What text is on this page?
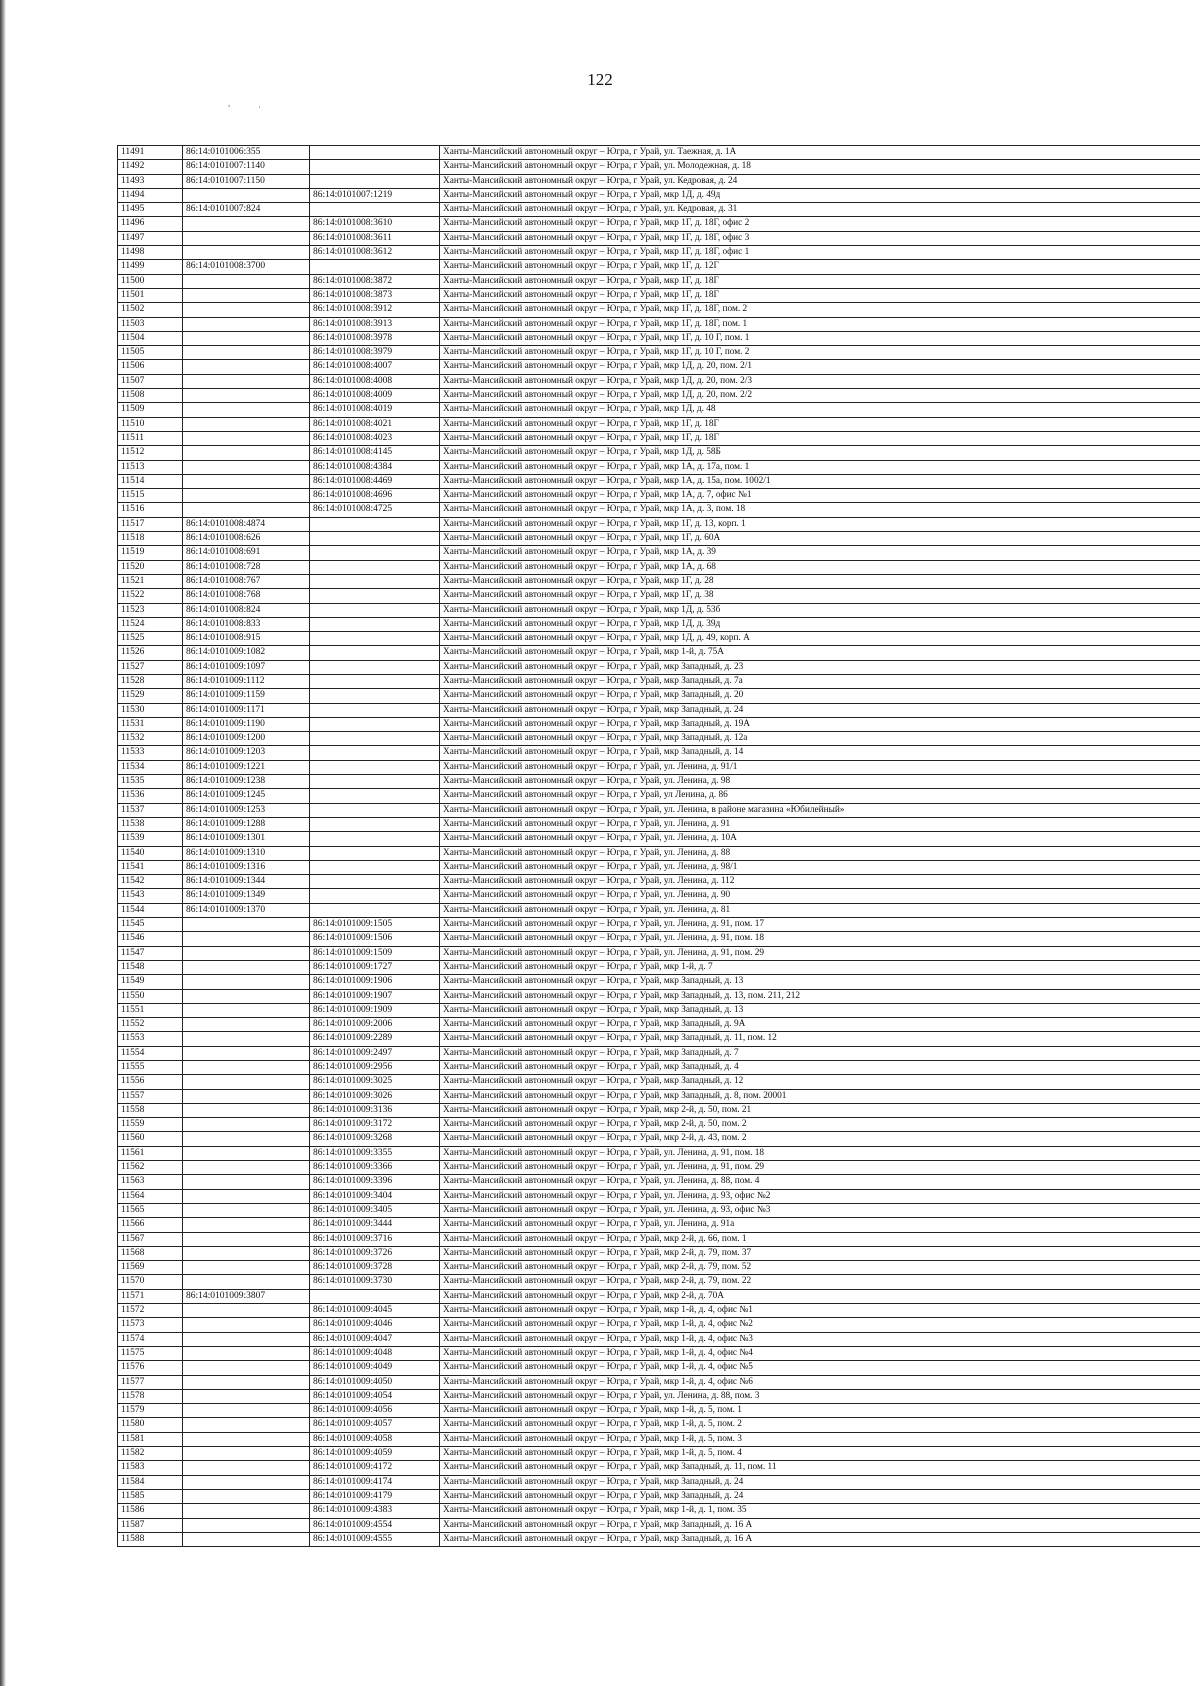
122
,	·
11491	86:14:0101006:355		Ханты-Мансийский автономный округ – Югра, г Урай, ул. Таежная, д. 1А
11492	86:14:0101007:1140		Ханты-Мансийский автономный округ – Югра, г Урай, ул. Молодежная, д. 18
11493	86:14:0101007:1150		Ханты-Мансийский автономный округ – Югра, г Урай, ул. Кедровая, д. 24
11494		86:14:0101007:1219	Ханты-Мансийский автономный округ – Югра, г Урай, мкр 1Д, д. 49д
11495	86:14:0101007:824		Ханты-Мансийский автономный округ – Югра, г Урай, ул. Кедровая, д. 31
11496		86:14:0101008:3610	Ханты-Мансийский автономный округ – Югра, г Урай, мкр 1Г, д. 18Г, офис 2
11497		86:14:0101008:3611	Ханты-Мансийский автономный округ – Югра, г Урай, мкр 1Г, д. 18Г, офис 3
11498		86:14:0101008:3612	Ханты-Мансийский автономный округ – Югра, г Урай, мкр 1Г, д. 18Г, офис 1
11499	86:14:0101008:3700		Ханты-Мансийский автономный округ – Югра, г Урай, мкр 1Г, д. 12Г
11500		86:14:0101008:3872	Ханты-Мансийский автономный округ – Югра, г Урай, мкр 1Г, д. 18Г
11501		86:14:0101008:3873	Ханты-Мансийский автономный округ – Югра, г Урай, мкр 1Г, д. 18Г
11502		86:14:0101008:3912	Ханты-Мансийский автономный округ – Югра, г Урай, мкр 1Г, д. 18Г, пом. 2
11503		86:14:0101008:3913	Ханты-Мансийский автономный округ – Югра, г Урай, мкр 1Г, д. 18Г, пом. 1
11504		86:14:0101008:3978	Ханты-Мансийский автономный округ – Югра, г Урай, мкр 1Г, д. 10 Г, пом. 1
11505		86:14:0101008:3979	Ханты-Мансийский автономный округ – Югра, г Урай, мкр 1Г, д. 10 Г, пом. 2
11506		86:14:0101008:4007	Ханты-Мансийский автономный округ – Югра, г Урай, мкр 1Д, д. 20, пом. 2/1
11507		86:14:0101008:4008	Ханты-Мансийский автономный округ – Югра, г Урай, мкр 1Д, д. 20, пом. 2/3
11508		86:14:0101008:4009	Ханты-Мансийский автономный округ – Югра, г Урай, мкр 1Д, д. 20, пом. 2/2
11509		86:14:0101008:4019	Ханты-Мансийский автономный округ – Югра, г Урай, мкр 1Д, д. 48
11510		86:14:0101008:4021	Ханты-Мансийский автономный округ – Югра, г Урай, мкр 1Г, д. 18Г
11511		86:14:0101008:4023	Ханты-Мансийский автономный округ – Югра, г Урай, мкр 1Г, д. 18Г
11512		86:14:0101008:4145	Ханты-Мансийский автономный округ – Югра, г Урай, мкр 1Д, д. 58Б
11513		86:14:0101008:4384	Ханты-Мансийский автономный округ – Югра, г Урай, мкр 1А, д. 17а, пом. 1
11514		86:14:0101008:4469	Ханты-Мансийский автономный округ – Югра, г Урай, мкр 1А, д. 15а, пом. 1002/1
11515		86:14:0101008:4696	Ханты-Мансийский автономный округ – Югра, г Урай, мкр 1А, д. 7, офис №1
11516		86:14:0101008:4725	Ханты-Мансийский автономный округ – Югра, г Урай, мкр 1А, д. 3, пом. 18
11517	86:14:0101008:4874		Ханты-Мансийский автономный округ – Югра, г Урай, мкр 1Г, д. 13, корп. 1
11518	86:14:0101008:626		Ханты-Мансийский автономный округ – Югра, г Урай, мкр 1Г, д. 60А
11519	86:14:0101008:691		Ханты-Мансийский автономный округ – Югра, г Урай, мкр 1А, д. 39
11520	86:14:0101008:728		Ханты-Мансийский автономный округ – Югра, г Урай, мкр 1А, д. 68
11521	86:14:0101008:767		Ханты-Мансийский автономный округ – Югра, г Урай, мкр 1Г, д. 28
11522	86:14:0101008:768		Ханты-Мансийский автономный округ – Югра, г Урай, мкр 1Г, д. 38
11523	86:14:0101008:824		Ханты-Мансийский автономный округ – Югра, г Урай, мкр 1Д, д. 53б
11524	86:14:0101008:833		Ханты-Мансийский автономный округ – Югра, г Урай, мкр 1Д, д. 39д
11525	86:14:0101008:915		Ханты-Мансийский автономный округ – Югра, г Урай, мкр 1Д, д. 49, корп. А
11526	86:14:0101009:1082		Ханты-Мансийский автономный округ – Югра, г Урай, мкр 1-й, д. 75А
11527	86:14:0101009:1097		Ханты-Мансийский автономный округ – Югра, г Урай, мкр Западный, д. 23
11528	86:14:0101009:1112		Ханты-Мансийский автономный округ – Югра, г Урай, мкр Западный, д. 7а
11529	86:14:0101009:1159		Ханты-Мансийский автономный округ – Югра, г Урай, мкр Западный, д. 20
11530	86:14:0101009:1171		Ханты-Мансийский автономный округ – Югра, г Урай, мкр Западный, д. 24
11531	86:14:0101009:1190		Ханты-Мансийский автономный округ – Югра, г Урай, мкр Западный, д. 19А
11532	86:14:0101009:1200		Ханты-Мансийский автономный округ – Югра, г Урай, мкр Западный, д. 12а
11533	86:14:0101009:1203		Ханты-Мансийский автономный округ – Югра, г Урай, мкр Западный, д. 14
11534	86:14:0101009:1221		Ханты-Мансийский автономный округ – Югра, г Урай, ул. Ленина, д. 91/1
11535	86:14:0101009:1238		Ханты-Мансийский автономный округ – Югра, г Урай, ул. Ленина, д. 98
11536	86:14:0101009:1245		Ханты-Мансийский автономный округ – Югра, г Урай, ул Ленина, д. 86
11537	86:14:0101009:1253		Ханты-Мансийский автономный округ – Югра, г Урай, ул. Ленина, в районе магазина «Юбилейный»
11538	86:14:0101009:1288		Ханты-Мансийский автономный округ – Югра, г Урай, ул. Ленина, д. 91
11539	86:14:0101009:1301		Ханты-Мансийский автономный округ – Югра, г Урай, ул. Ленина, д. 10А
11540	86:14:0101009:1310		Ханты-Мансийский автономный округ – Югра, г Урай, ул. Ленина, д. 88
11541	86:14:0101009:1316		Ханты-Мансийский автономный округ – Югра, г Урай, ул. Ленина, д. 98/1
11542	86:14:0101009:1344		Ханты-Мансийский автономный округ – Югра, г Урай, ул. Ленина, д. 112
11543	86:14:0101009:1349		Ханты-Мансийский автономный округ – Югра, г Урай, ул. Ленина, д. 90
11544	86:14:0101009:1370		Ханты-Мансийский автономный округ – Югра, г Урай, ул. Ленина, д. 81
11545		86:14:0101009:1505	Ханты-Мансийский автономный округ – Югра, г Урай, ул. Ленина, д. 91, пом. 17
11546		86:14:0101009:1506	Ханты-Мансийский автономный округ – Югра, г Урай, ул. Ленина, д. 91, пом. 18
11547		86:14:0101009:1509	Ханты-Мансийский автономный округ – Югра, г Урай, ул. Ленина, д. 91, пом. 29
11548		86:14:0101009:1727	Ханты-Мансийский автономный округ – Югра, г Урай, мкр 1-й, д. 7
11549		86:14:0101009:1906	Ханты-Мансийский автономный округ – Югра, г Урай, мкр Западный, д. 13
11550		86:14:0101009:1907	Ханты-Мансийский автономный округ – Югра, г Урай, мкр Западный, д. 13, пом. 211, 212
11551		86:14:0101009:1909	Ханты-Мансийский автономный округ – Югра, г Урай, мкр Западный, д. 13
11552		86:14:0101009:2006	Ханты-Мансийский автономный округ – Югра, г Урай, мкр Западный, д. 9А
11553		86:14:0101009:2289	Ханты-Мансийский автономный округ – Югра, г Урай, мкр Западный, д. 11, пом. 12
11554		86:14:0101009:2497	Ханты-Мансийский автономный округ – Югра, г Урай, мкр Западный, д. 7
11555		86:14:0101009:2956	Ханты-Мансийский автономный округ – Югра, г Урай, мкр Западный, д. 4
11556		86:14:0101009:3025	Ханты-Мансийский автономный округ – Югра, г Урай, мкр Западный, д. 12
11557		86:14:0101009:3026	Ханты-Мансийский автономный округ – Югра, г Урай, мкр Западный, д. 8, пом. 20001
11558		86:14:0101009:3136	Ханты-Мансийский автономный округ – Югра, г Урай, мкр 2-й, д. 50, пом. 21
11559		86:14:0101009:3172	Ханты-Мансийский автономный округ – Югра, г Урай, мкр 2-й, д. 50, пом. 2
11560		86:14:0101009:3268	Ханты-Мансийский автономный округ – Югра, г Урай, мкр 2-й, д. 43, пом. 2
11561		86:14:0101009:3355	Ханты-Мансийский автономный округ – Югра, г Урай, ул. Ленина, д. 91, пом. 18
11562		86:14:0101009:3366	Ханты-Мансийский автономный округ – Югра, г Урай, ул. Ленина, д. 91, пом. 29
11563		86:14:0101009:3396	Ханты-Мансийский автономный округ – Югра, г Урай, ул. Ленина, д. 88, пом. 4
11564		86:14:0101009:3404	Ханты-Мансийский автономный округ – Югра, г Урай, ул. Ленина, д. 93, офис №2
11565		86:14:0101009:3405	Ханты-Мансийский автономный округ – Югра, г Урай, ул. Ленина, д. 93, офис №3
11566		86:14:0101009:3444	Ханты-Мансийский автономный округ – Югра, г Урай, ул. Ленина, д. 91а
11567		86:14:0101009:3716	Ханты-Мансийский автономный округ – Югра, г Урай, мкр 2-й, д. 66, пом. 1
11568		86:14:0101009:3726	Ханты-Мансийский автономный округ – Югра, г Урай, мкр 2-й, д. 79, пом. 37
11569		86:14:0101009:3728	Ханты-Мансийский автономный округ – Югра, г Урай, мкр 2-й, д. 79, пом. 52
11570		86:14:0101009:3730	Ханты-Мансийский автономный округ – Югра, г Урай, мкр 2-й, д. 79, пом. 22
11571	86:14:0101009:3807		Ханты-Мансийский автономный округ – Югра, г Урай, мкр 2-й, д. 70А
11572		86:14:0101009:4045	Ханты-Мансийский автономный округ – Югра, г Урай, мкр 1-й, д. 4, офис №1
11573		86:14:0101009:4046	Ханты-Мансийский автономный округ – Югра, г Урай, мкр 1-й, д. 4, офис №2
11574		86:14:0101009:4047	Ханты-Мансийский автономный округ – Югра, г Урай, мкр 1-й, д. 4, офис №3
11575		86:14:0101009:4048	Ханты-Мансийский автономный округ – Югра, г Урай, мкр 1-й, д. 4, офис №4
11576		86:14:0101009:4049	Ханты-Мансийский автономный округ – Югра, г Урай, мкр 1-й, д. 4, офис №5
11577		86:14:0101009:4050	Ханты-Мансийский автономный округ – Югра, г Урай, мкр 1-й, д. 4, офис №6
11578		86:14:0101009:4054	Ханты-Мансийский автономный округ – Югра, г Урай, ул. Ленина, д. 88, пом. 3
11579		86:14:0101009:4056	Ханты-Мансийский автономный округ – Югра, г Урай, мкр 1-й, д. 5, пом. 1
11580		86:14:0101009:4057	Ханты-Мансийский автономный округ – Югра, г Урай, мкр 1-й, д. 5, пом. 2
11581		86:14:0101009:4058	Ханты-Мансийский автономный округ – Югра, г Урай, мкр 1-й, д. 5, пом. 3
11582		86:14:0101009:4059	Ханты-Мансийский автономный округ – Югра, г Урай, мкр 1-й, д. 5, пом. 4
11583		86:14:0101009:4172	Ханты-Мансийский автономный округ – Югра, г Урай, мкр Западный, д. 11, пом. 11
11584		86:14:0101009:4174	Ханты-Мансийский автономный округ – Югра, г Урай, мкр Западный, д. 24
11585		86:14:0101009:4179	Ханты-Мансийский автономный округ – Югра, г Урай, мкр Западный, д. 24
11586		86:14:0101009:4383	Ханты-Мансийский автономный округ – Югра, г Урай, мкр 1-й, д. 1, пом. 35
11587		86:14:0101009:4554	Ханты-Мансийский автономный округ – Югра, г Урай, мкр Западный, д. 16 А
11588		86:14:0101009:4555	Ханты-Мансийский автономный округ – Югра, г Урай, мкр Западный, д. 16 А
